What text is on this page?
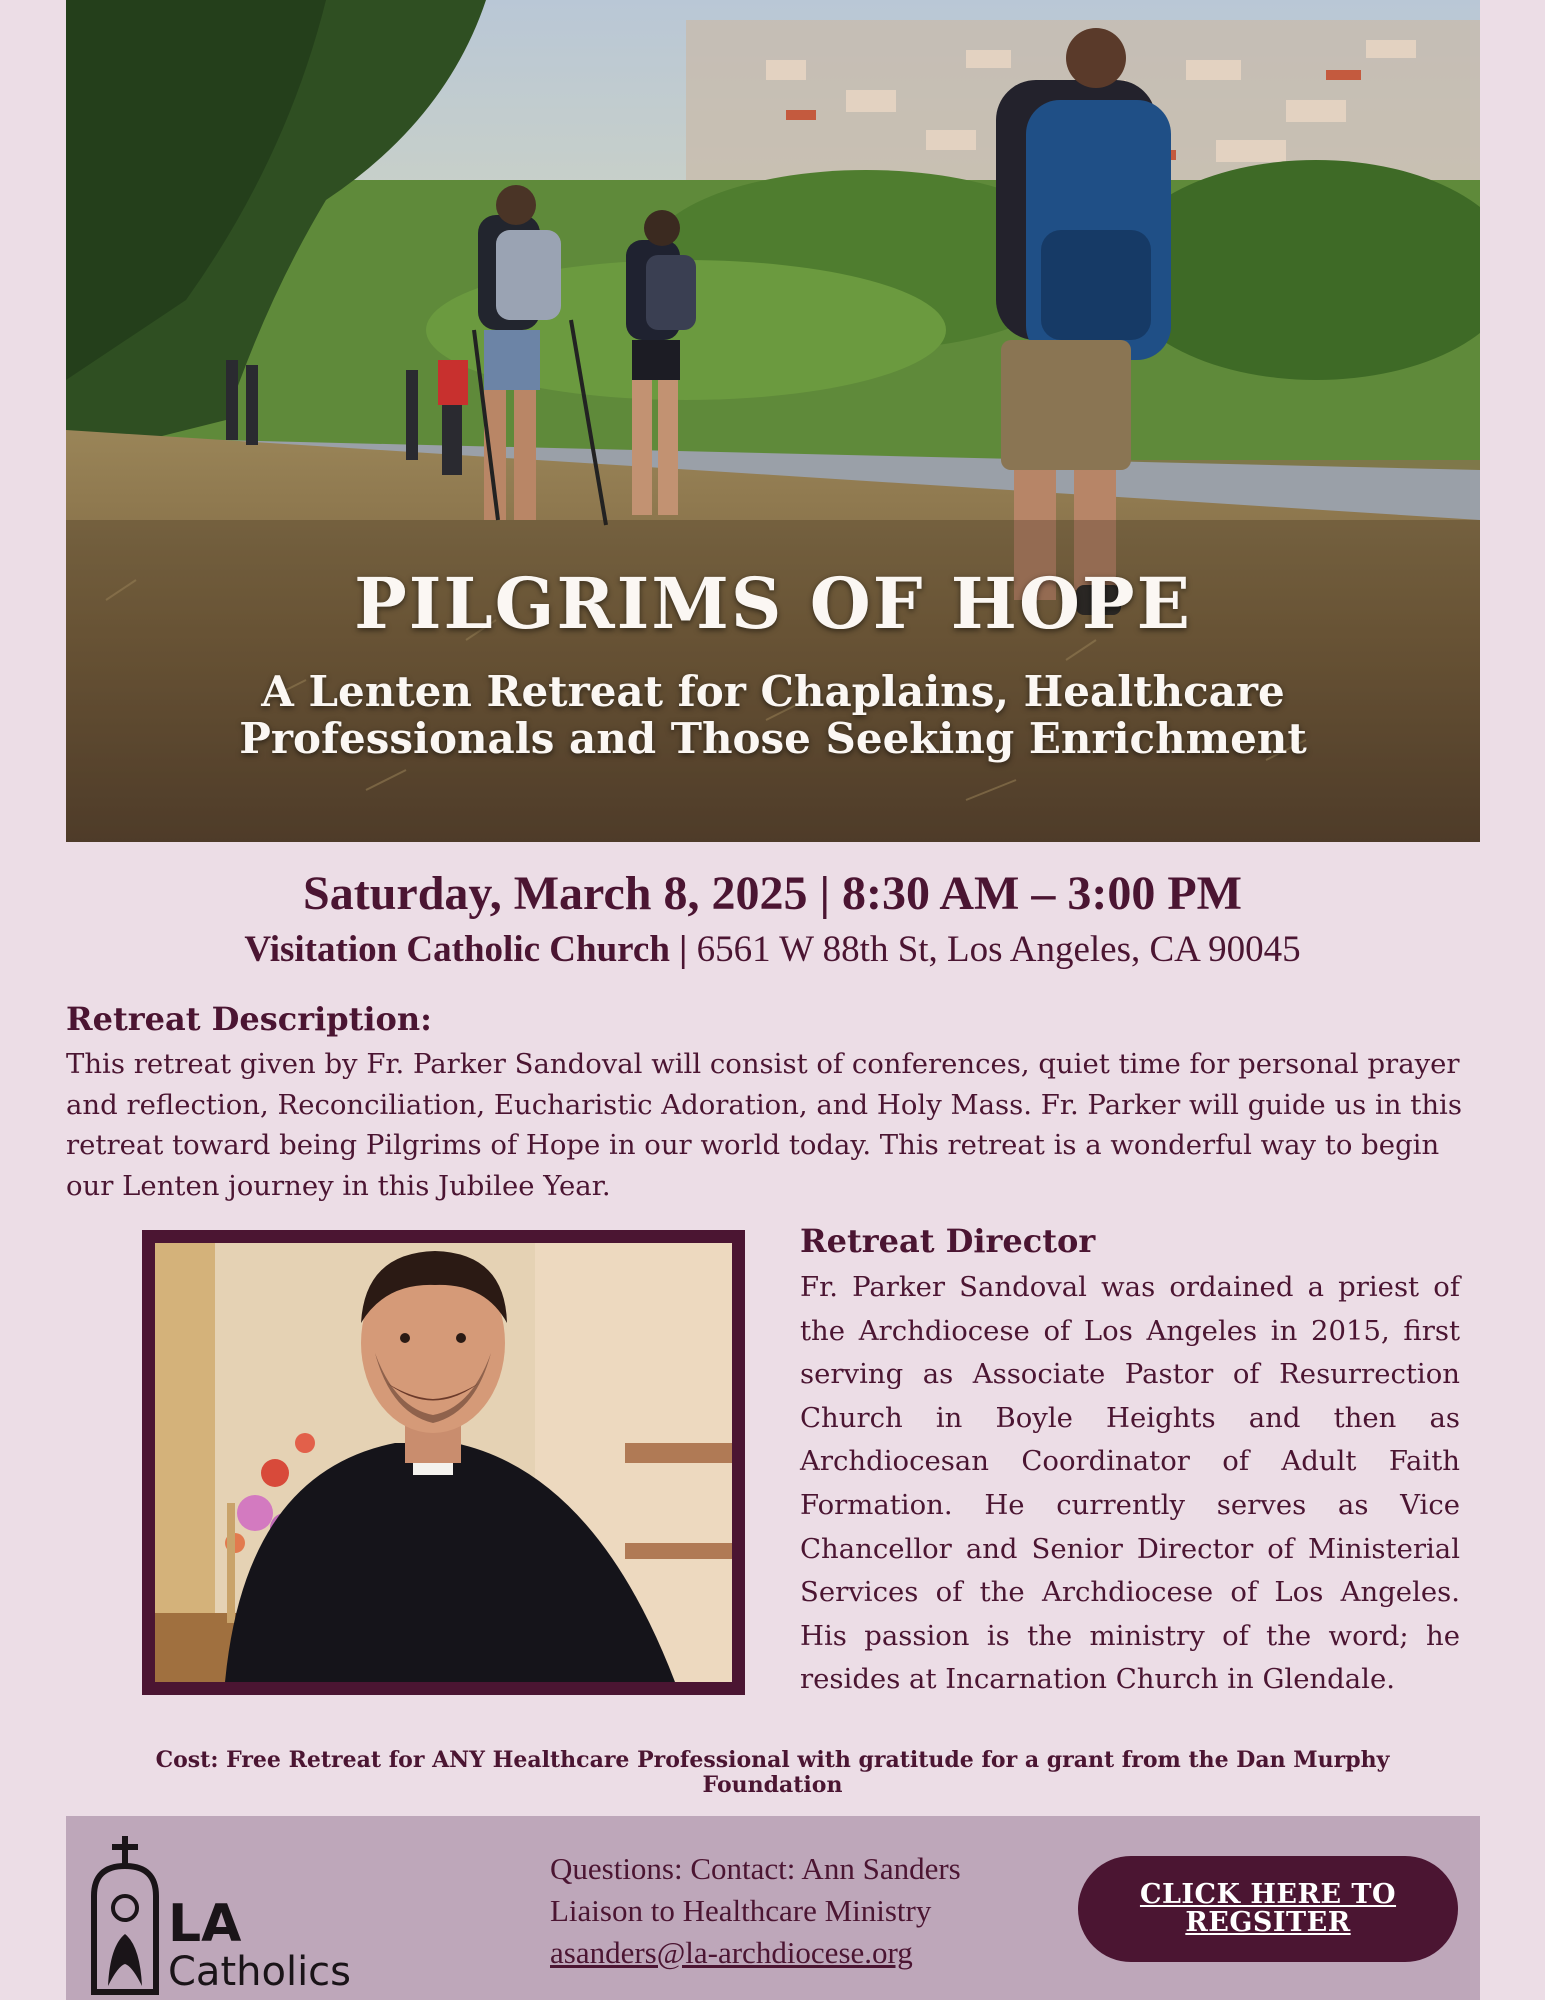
PILGRIMS OF HOPE

A Lenten Retreat for Chaplains, Healthcare Professionals and Those Seeking Enrichment

Saturday, March 8, 2025 | 8:30 AM – 3:00 PM
Visitation Catholic Church | 6561 W 88th St, Los Angeles, CA 90045
Retreat Description:

This retreat given by Fr. Parker Sandoval will consist of conferences, quiet time for personal prayer and reflection, Reconciliation, Eucharistic Adoration, and Holy Mass. Fr. Parker will guide us in this retreat toward being Pilgrims of Hope in our world today. This retreat is a wonderful way to begin our Lenten journey in this Jubilee Year.

Retreat Director

Fr. Parker Sandoval was ordained a priest of the Archdiocese of Los Angeles in 2015, first serving as Associate Pastor of Resurrection Church in Boyle Heights and then as Archdiocesan Coordinator of Adult Faith Formation. He currently serves as Vice Chancellor and Senior Director of Ministerial Services of the Archdiocese of Los Angeles. His passion is the ministry of the word; he resides at Incarnation Church in Glendale.

Cost: Free Retreat for ANY Healthcare Professional with gratitude for a grant from the Dan Murphy Foundation

LA
Catholics
Questions: Contact: Ann Sanders
Liaison to Healthcare Ministry
asanders@la-archdiocese.org
CLICK HERE TO REGSITER
